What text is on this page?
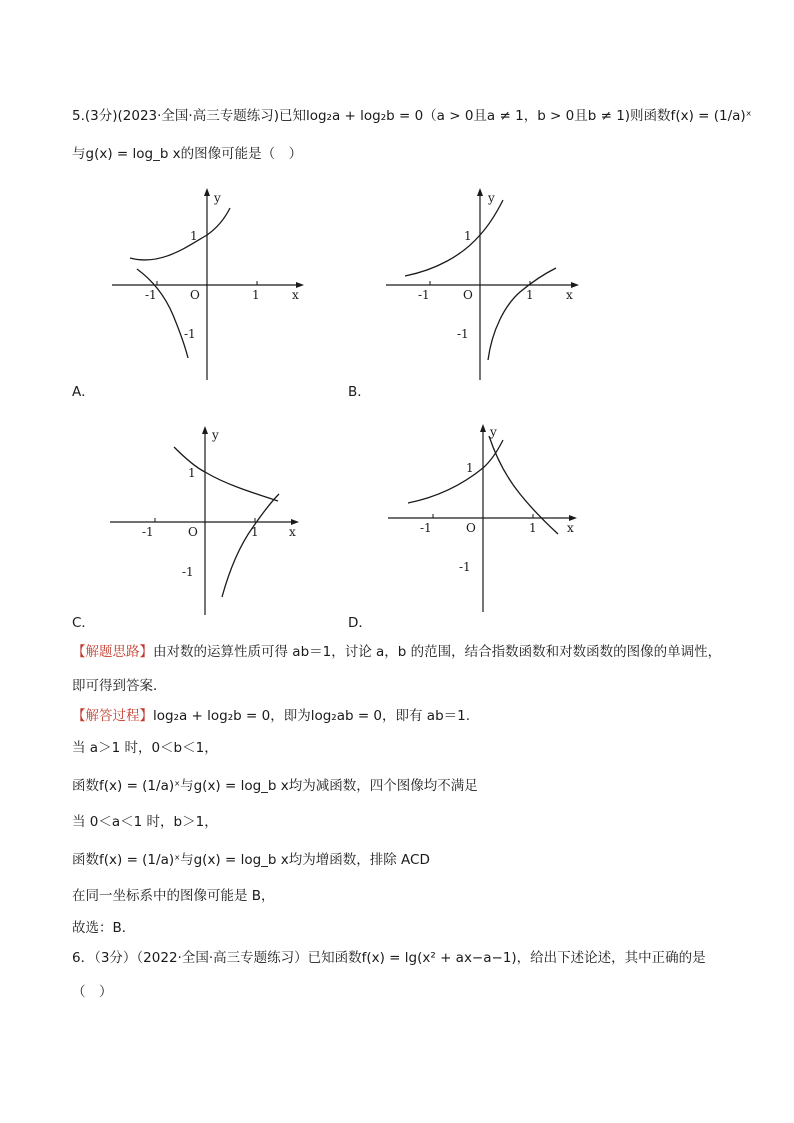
5.(3分)(2023·全国·高三专题练习)已知log₂a + log₂b = 0（a > 0且a ≠ 1，b > 0且b ≠ 1)则函数f(x) = (1/a)ˣ
与g(x) = log_b x的图像可能是（　）
y
x
O
1
1
-1
-1
y
x
O
1
1
-1
-1
A．	B．
y
x
O
1
1
-1
-1
y
x
O
1
1
-1
-1
C．	D．
【解题思路】由对数的运算性质可得 ab＝1，讨论 a，b 的范围，结合指数函数和对数函数的图像的单调性，
即可得到答案．
【解答过程】log₂a + log₂b = 0，即为log₂ab = 0，即有 ab＝1.
当 a＞1 时，0＜b＜1，
函数f(x) = (1/a)ˣ与g(x) = log_b x均为减函数，四个图像均不满足
当 0＜a＜1 时，b＞1，
函数f(x) = (1/a)ˣ与g(x) = log_b x均为增函数，排除 ACD
在同一坐标系中的图像可能是 B，
故选：B．
6．（3分）（2022·全国·高三专题练习）已知函数f(x) = lg(x² + ax−a−1)，给出下述论述，其中正确的是
（　）
